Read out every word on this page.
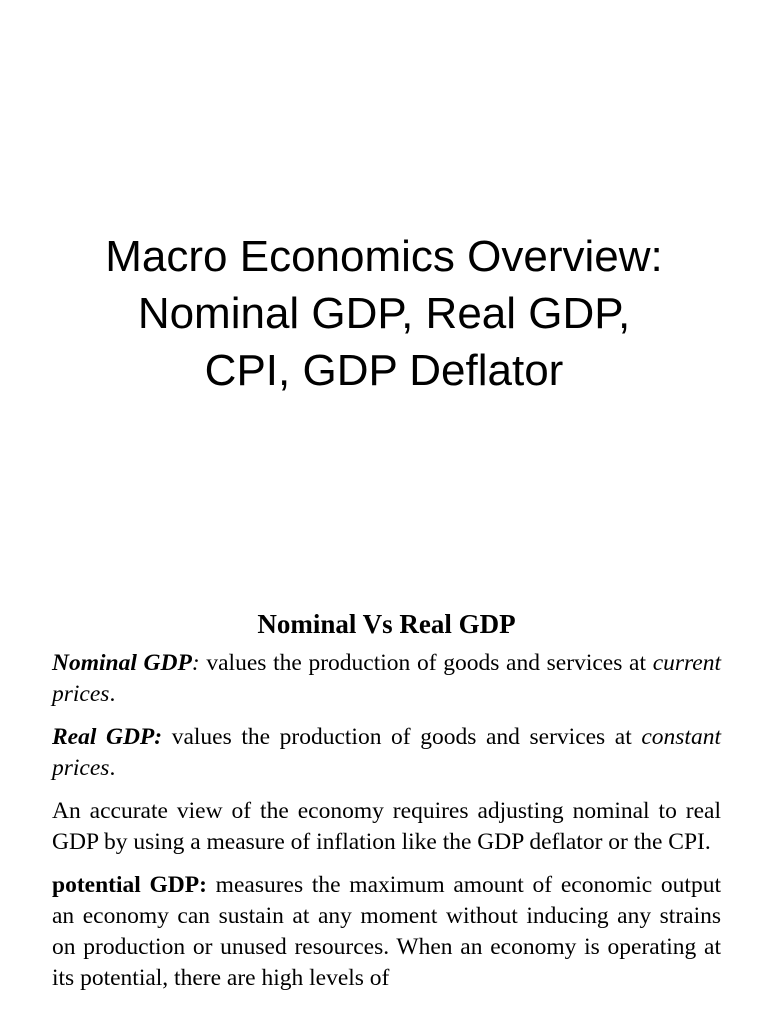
Macro Economics Overview:
Nominal GDP, Real GDP,
CPI, GDP Deflator
Nominal Vs Real GDP

Nominal GDP: values the production of goods and services at current prices.

Real GDP: values the production of goods and services at constant prices.

An accurate view of the economy requires adjusting nominal to real GDP by using a measure of inflation like the GDP deflator or the CPI.

potential GDP: measures the maximum amount of economic output an economy can sustain at any moment without inducing any strains on production or unused resources. When an economy is operating at its potential, there are high levels of
